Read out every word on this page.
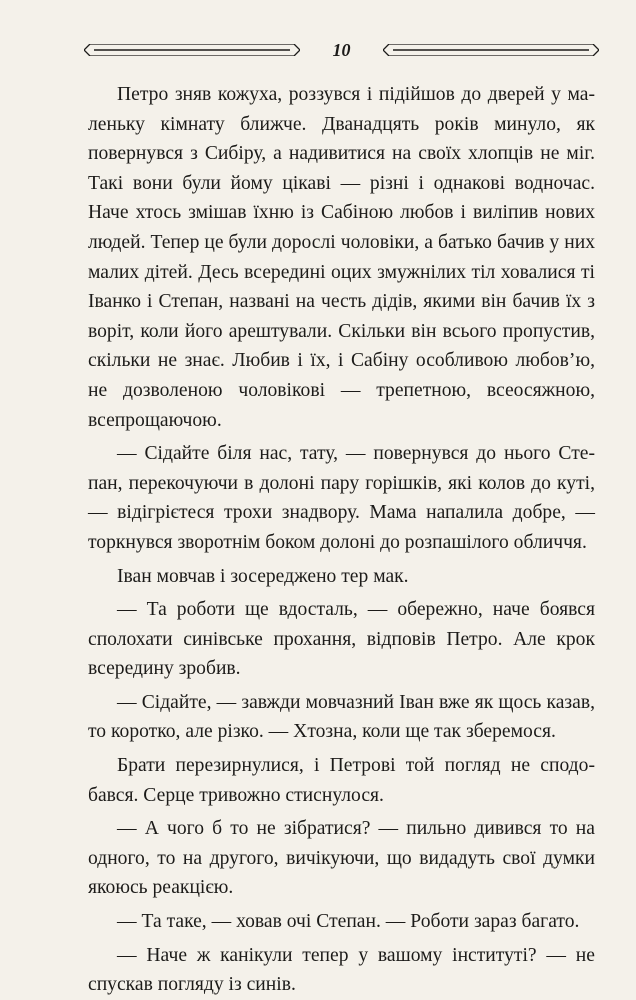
10

Петро зняв кожуха, роззувся і підійшов до дверей у маленьку кімнату ближче. Дванадцять років минуло, як повернувся з Сибіру, а надивитися на своїх хлопців не міг. Такі вони були йому цікаві — різні і однакові водночас. Наче хтось змішав їхню із Сабіною любов і виліпив нових людей. Тепер це були дорослі чоловіки, а батько бачив у них малих дітей. Десь всередині оцих змужнілих тіл ховалися ті Іванко і Степан, названі на честь дідів, якими він бачив їх з воріт, коли його арештували. Скільки він всього пропустив, скільки не знає. Любив і їх, і Сабіну особливою любов’ю, не дозволеною чоловікові — трепетною, всеосяжною, всепрощаючою.

— Сідайте біля нас, тату, — повернувся до нього Степан, перекочуючи в долоні пару горішків, які колов до куті, — відігрієтеся трохи знадвору. Мама напалила добре, — торкнувся зворотнім боком долоні до розпашілого обличчя.

Іван мовчав і зосереджено тер мак.

— Та роботи ще вдосталь, — обережно, наче боявся сполохати синівське прохання, відповів Петро. Але крок всередину зробив.

— Сідайте, — завжди мовчазний Іван вже як щось казав, то коротко, але різко. — Хтозна, коли ще так зберемося.

Брати перезирнулися, і Петрові той погляд не сподобався. Серце тривожно стиснулося.

— А чого б то не зібратися? — пильно дивився то на одного, то на другого, вичікуючи, що видадуть свої думки якоюсь реакцією.

— Та таке, — ховав очі Степан. — Роботи зараз багато.

— Наче ж канікули тепер у вашому інституті? — не спускав погляду із синів.
